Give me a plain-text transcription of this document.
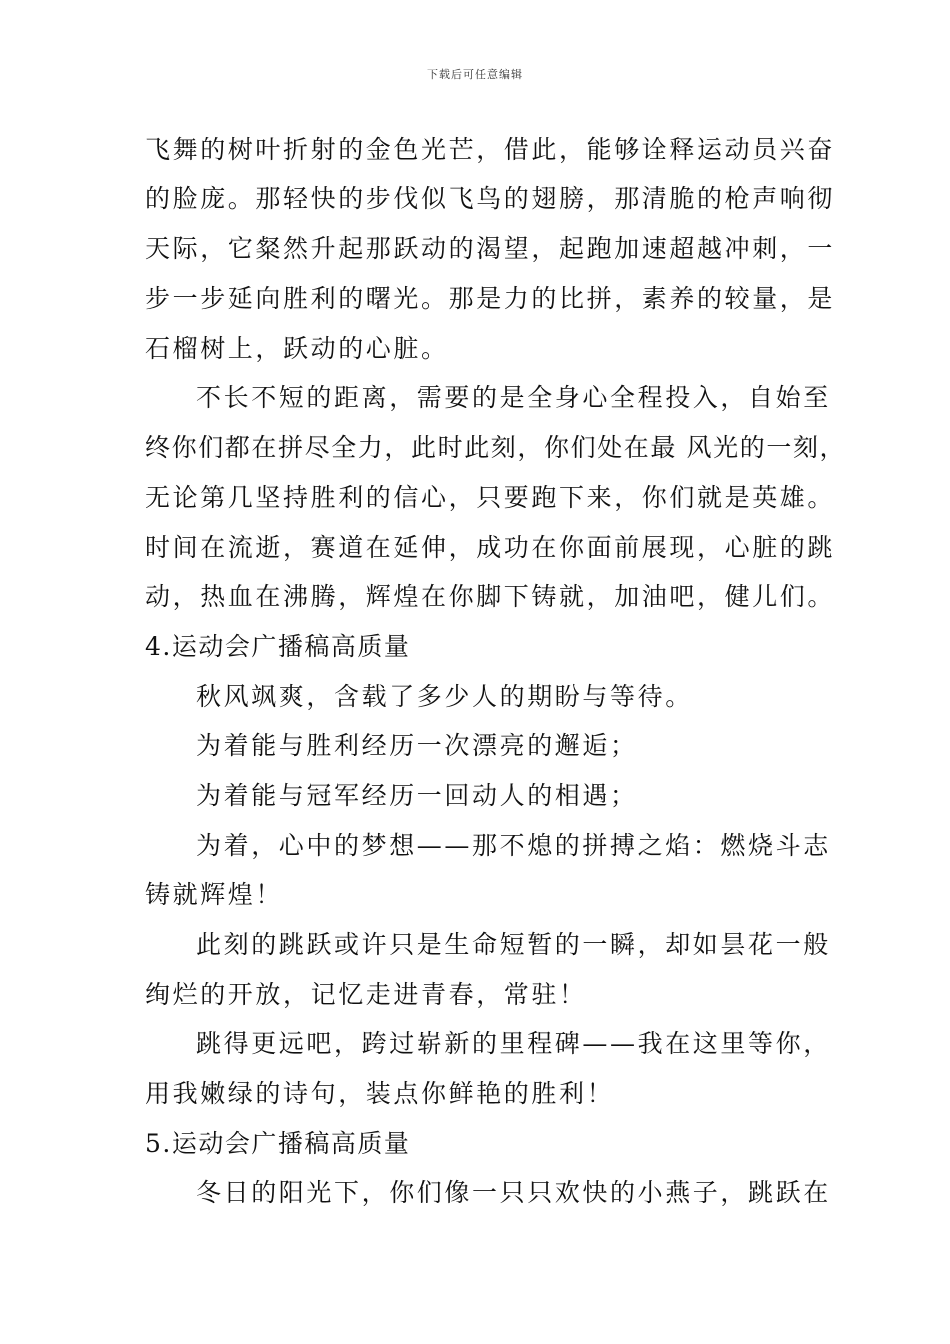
下载后可任意编辑
飞舞的树叶折射的金色光芒，借此，能够诠释运动员兴奋
的脸庞。那轻快的步伐似飞鸟的翅膀，那清脆的枪声响彻
天际，它粲然升起那跃动的渴望，起跑加速超越冲刺，一
步一步延向胜利的曙光。那是力的比拼，素养的较量，是
石榴树上，跃动的心脏。
不长不短的距离，需要的是全身心全程投入，自始至
终你们都在拼尽全力，此时此刻，你们处在最 风光的一刻，
无论第几坚持胜利的信心，只要跑下来，你们就是英雄。
时间在流逝，赛道在延伸，成功在你面前展现，心脏的跳
动，热血在沸腾，辉煌在你脚下铸就，加油吧，健儿们。
4.运动会广播稿高质量
秋风飒爽，含载了多少人的期盼与等待。
为着能与胜利经历一次漂亮的邂逅；
为着能与冠军经历一回动人的相遇；
为着，心中的梦想——那不熄的拼搏之焰：燃烧斗志
铸就辉煌！
此刻的跳跃或许只是生命短暂的一瞬，却如昙花一般
绚烂的开放，记忆走进青春，常驻！
跳得更远吧，跨过崭新的里程碑——我在这里等你，
用我嫩绿的诗句，装点你鲜艳的胜利！
5.运动会广播稿高质量
冬日的阳光下，你们像一只只欢快的小燕子，跳跃在
